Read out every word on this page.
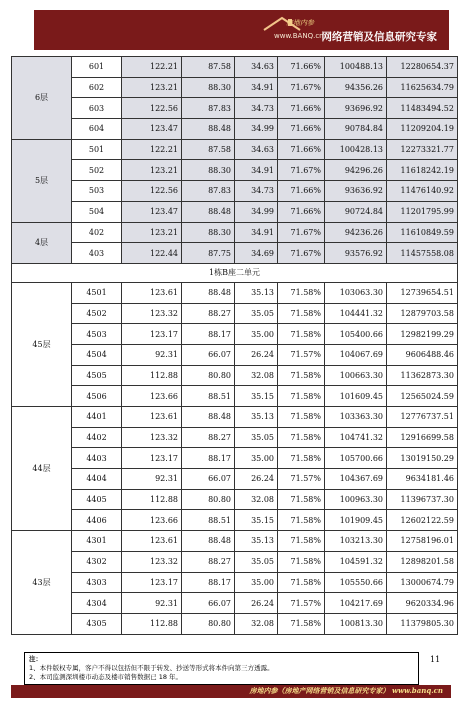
房地内参
www.BANQ.cn
网络营销及信息研究专家
6层	601	122.21	87.58	34.63	71.66%	100488.13	12280654.37
	602	123.21	88.30	34.91	71.67%	94356.26	11625634.79
	603	122.56	87.83	34.73	71.66%	93696.92	11483494.52
	604	123.47	88.48	34.99	71.66%	90784.84	11209204.19
5层	501	122.21	87.58	34.63	71.66%	100428.13	12273321.77
	502	123.21	88.30	34.91	71.67%	94296.26	11618242.19
	503	122.56	87.83	34.73	71.66%	93636.92	11476140.92
	504	123.47	88.48	34.99	71.66%	90724.84	11201795.99
4层	402	123.21	88.30	34.91	71.67%	94236.26	11610849.59
	403	122.44	87.75	34.69	71.67%	93576.92	11457558.08
1栋B座二单元							
45层	4501	123.61	88.48	35.13	71.58%	103063.30	12739654.51
	4502	123.32	88.27	35.05	71.58%	104441.32	12879703.58
	4503	123.17	88.17	35.00	71.58%	105400.66	12982199.29
	4504	92.31	66.07	26.24	71.57%	104067.69	9606488.46
	4505	112.88	80.80	32.08	71.58%	100663.30	11362873.30
	4506	123.66	88.51	35.15	71.58%	101609.45	12565024.59
44层	4401	123.61	88.48	35.13	71.58%	103363.30	12776737.51
	4402	123.32	88.27	35.05	71.58%	104741.32	12916699.58
	4403	123.17	88.17	35.00	71.58%	105700.66	13019150.29
	4404	92.31	66.07	26.24	71.57%	104367.69	9634181.46
	4405	112.88	80.80	32.08	71.58%	100963.30	11396737.30
	4406	123.66	88.51	35.15	71.58%	101909.45	12602122.59
43层	4301	123.61	88.48	35.13	71.58%	103213.30	12758196.01
	4302	123.32	88.27	35.05	71.58%	104591.32	12898201.58
	4303	123.17	88.17	35.00	71.58%	105550.66	13000674.79
	4304	92.31	66.07	26.24	71.57%	104217.69	9620334.96
	4305	112.88	80.80	32.08	71.58%	100813.30	11379805.30
注：
1、本件版权专属，客户不得以包括但不限于转发、抄送等形式将本件向第三方透露。
2、本司监测深圳楼市动态及楼市销售数据已 18 年。
11
房地内参（房地产网络营销及信息研究专家） www.banq.cn
